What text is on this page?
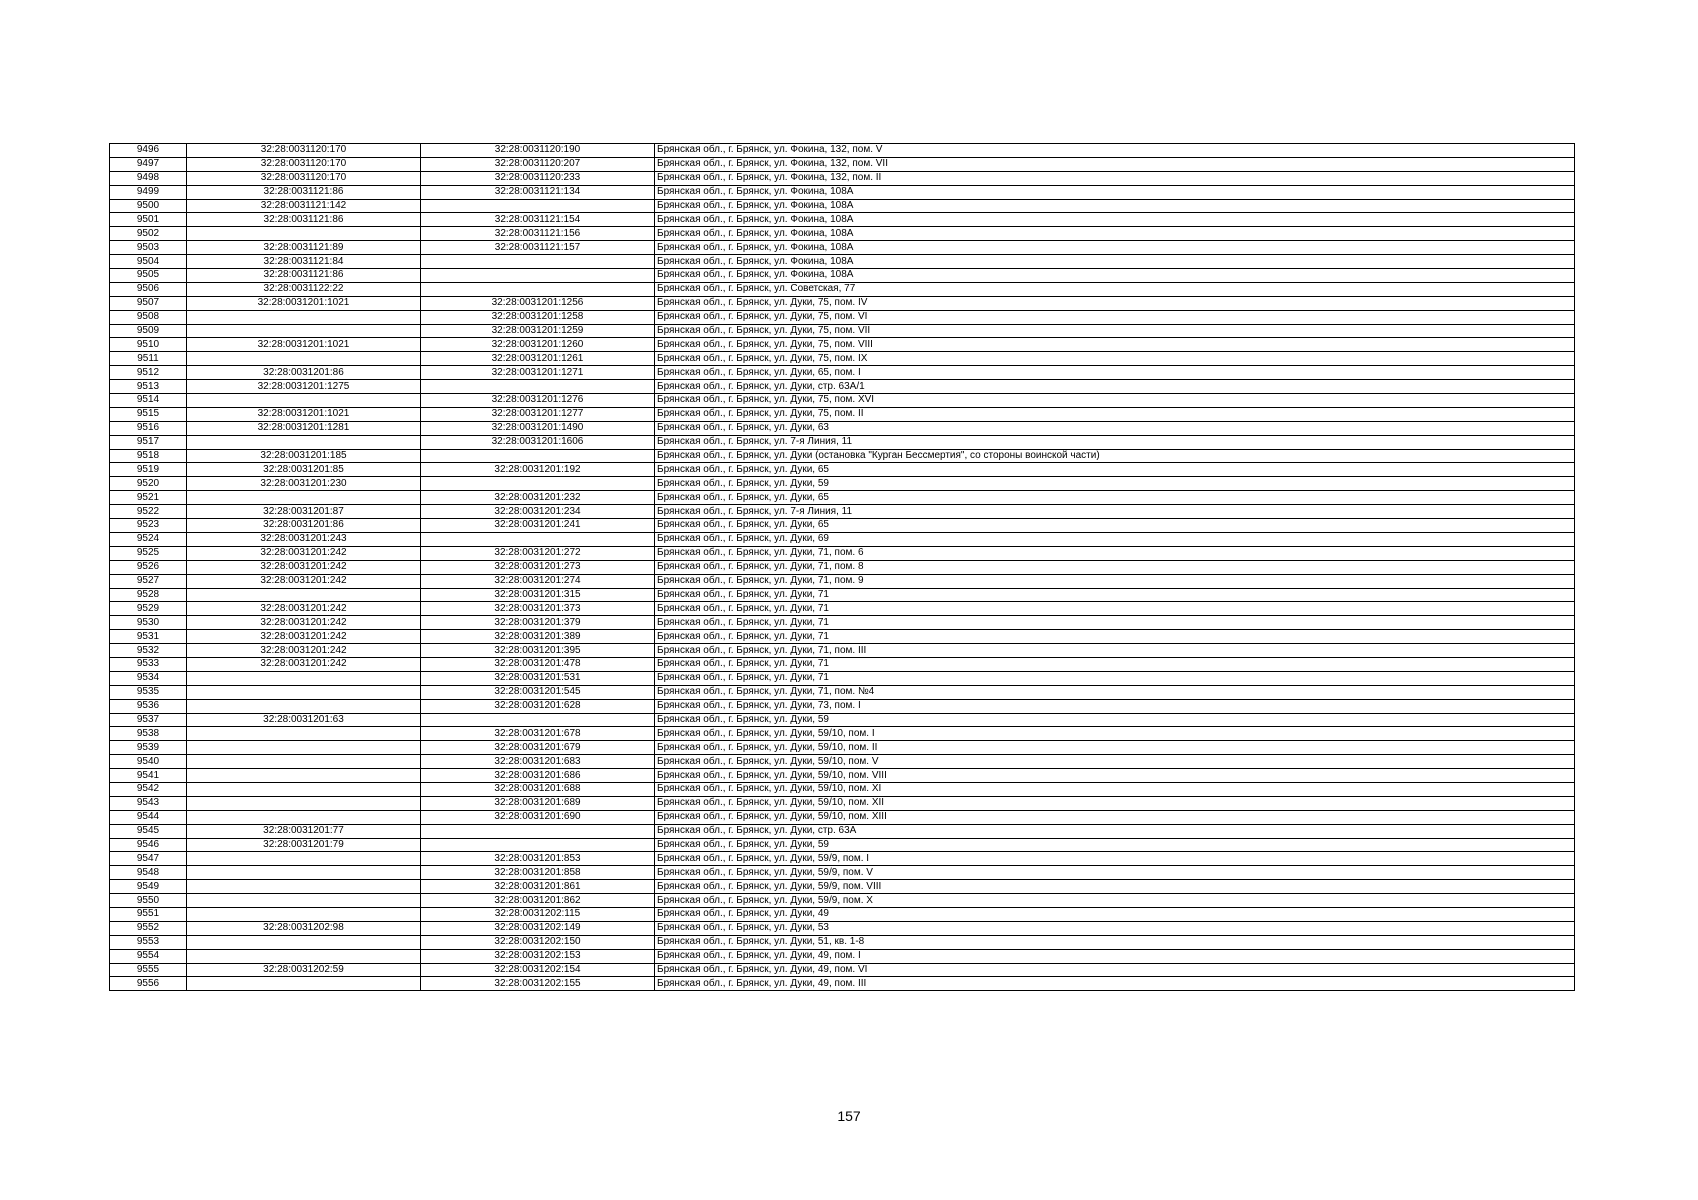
9496	32:28:0031120:170	32:28:0031120:190	Брянская обл., г. Брянск, ул. Фокина, 132, пом. V
9497	32:28:0031120:170	32:28:0031120:207	Брянская обл., г. Брянск, ул. Фокина, 132, пом. VII
9498	32:28:0031120:170	32:28:0031120:233	Брянская обл., г. Брянск, ул. Фокина, 132, пом. II
9499	32:28:0031121:86	32:28:0031121:134	Брянская обл., г. Брянск, ул. Фокина, 108А
9500	32:28:0031121:142		Брянская обл., г. Брянск, ул. Фокина, 108А
9501	32:28:0031121:86	32:28:0031121:154	Брянская обл., г. Брянск, ул. Фокина, 108А
9502		32:28:0031121:156	Брянская обл., г. Брянск, ул. Фокина, 108А
9503	32:28:0031121:89	32:28:0031121:157	Брянская обл., г. Брянск, ул. Фокина, 108А
9504	32:28:0031121:84		Брянская обл., г. Брянск, ул. Фокина, 108А
9505	32:28:0031121:86		Брянская обл., г. Брянск, ул. Фокина, 108А
9506	32:28:0031122:22		Брянская обл., г. Брянск, ул. Советская, 77
9507	32:28:0031201:1021	32:28:0031201:1256	Брянская обл., г. Брянск, ул. Дуки, 75, пом. IV
9508		32:28:0031201:1258	Брянская обл., г. Брянск, ул. Дуки, 75, пом. VI
9509		32:28:0031201:1259	Брянская обл., г. Брянск, ул. Дуки, 75, пом. VII
9510	32:28:0031201:1021	32:28:0031201:1260	Брянская обл., г. Брянск, ул. Дуки, 75, пом. VIII
9511		32:28:0031201:1261	Брянская обл., г. Брянск, ул. Дуки, 75, пом. IX
9512	32:28:0031201:86	32:28:0031201:1271	Брянская обл., г. Брянск, ул. Дуки, 65, пом. I
9513	32:28:0031201:1275		Брянская обл., г. Брянск, ул. Дуки, стр. 63А/1
9514		32:28:0031201:1276	Брянская обл., г. Брянск, ул. Дуки, 75, пом. XVI
9515	32:28:0031201:1021	32:28:0031201:1277	Брянская обл., г. Брянск, ул. Дуки, 75, пом. II
9516	32:28:0031201:1281	32:28:0031201:1490	Брянская обл., г. Брянск, ул. Дуки, 63
9517		32:28:0031201:1606	Брянская обл., г. Брянск, ул. 7-я Линия, 11
9518	32:28:0031201:185		Брянская обл., г. Брянск, ул. Дуки (остановка "Курган Бессмертия", со стороны воинской части)
9519	32:28:0031201:85	32:28:0031201:192	Брянская обл., г. Брянск, ул. Дуки, 65
9520	32:28:0031201:230		Брянская обл., г. Брянск, ул. Дуки, 59
9521		32:28:0031201:232	Брянская обл., г. Брянск, ул. Дуки, 65
9522	32:28:0031201:87	32:28:0031201:234	Брянская обл., г. Брянск, ул. 7-я Линия, 11
9523	32:28:0031201:86	32:28:0031201:241	Брянская обл., г. Брянск, ул. Дуки, 65
9524	32:28:0031201:243		Брянская обл., г. Брянск, ул. Дуки, 69
9525	32:28:0031201:242	32:28:0031201:272	Брянская обл., г. Брянск, ул. Дуки, 71, пом. 6
9526	32:28:0031201:242	32:28:0031201:273	Брянская обл., г. Брянск, ул. Дуки, 71, пом. 8
9527	32:28:0031201:242	32:28:0031201:274	Брянская обл., г. Брянск, ул. Дуки, 71, пом. 9
9528		32:28:0031201:315	Брянская обл., г. Брянск, ул. Дуки, 71
9529	32:28:0031201:242	32:28:0031201:373	Брянская обл., г. Брянск, ул. Дуки, 71
9530	32:28:0031201:242	32:28:0031201:379	Брянская обл., г. Брянск, ул. Дуки, 71
9531	32:28:0031201:242	32:28:0031201:389	Брянская обл., г. Брянск, ул. Дуки, 71
9532	32:28:0031201:242	32:28:0031201:395	Брянская обл., г. Брянск, ул. Дуки, 71, пом. III
9533	32:28:0031201:242	32:28:0031201:478	Брянская обл., г. Брянск, ул. Дуки, 71
9534		32:28:0031201:531	Брянская обл., г. Брянск, ул. Дуки, 71
9535		32:28:0031201:545	Брянская обл., г. Брянск, ул. Дуки, 71, пом. №4
9536		32:28:0031201:628	Брянская обл., г. Брянск, ул. Дуки, 73, пом. I
9537	32:28:0031201:63		Брянская обл., г. Брянск, ул. Дуки, 59
9538		32:28:0031201:678	Брянская обл., г. Брянск, ул. Дуки, 59/10, пом. I
9539		32:28:0031201:679	Брянская обл., г. Брянск, ул. Дуки, 59/10, пом. II
9540		32:28:0031201:683	Брянская обл., г. Брянск, ул. Дуки, 59/10, пом. V
9541		32:28:0031201:686	Брянская обл., г. Брянск, ул. Дуки, 59/10, пом. VIII
9542		32:28:0031201:688	Брянская обл., г. Брянск, ул. Дуки, 59/10, пом. XI
9543		32:28:0031201:689	Брянская обл., г. Брянск, ул. Дуки, 59/10, пом. XII
9544		32:28:0031201:690	Брянская обл., г. Брянск, ул. Дуки, 59/10, пом. XIII
9545	32:28:0031201:77		Брянская обл., г. Брянск, ул. Дуки, стр. 63А
9546	32:28:0031201:79		Брянская обл., г. Брянск, ул. Дуки, 59
9547		32:28:0031201:853	Брянская обл., г. Брянск, ул. Дуки, 59/9, пом. I
9548		32:28:0031201:858	Брянская обл., г. Брянск, ул. Дуки, 59/9, пом. V
9549		32:28:0031201:861	Брянская обл., г. Брянск, ул. Дуки, 59/9, пом. VIII
9550		32:28:0031201:862	Брянская обл., г. Брянск, ул. Дуки, 59/9, пом. X
9551		32:28:0031202:115	Брянская обл., г. Брянск, ул. Дуки, 49
9552	32:28:0031202:98	32:28:0031202:149	Брянская обл., г. Брянск, ул. Дуки, 53
9553		32:28:0031202:150	Брянская обл., г. Брянск, ул. Дуки, 51, кв. 1-8
9554		32:28:0031202:153	Брянская обл., г. Брянск, ул. Дуки, 49, пом. I
9555	32:28:0031202:59	32:28:0031202:154	Брянская обл., г. Брянск, ул. Дуки, 49, пом. VI
9556		32:28:0031202:155	Брянская обл., г. Брянск, ул. Дуки, 49, пом. III
157
